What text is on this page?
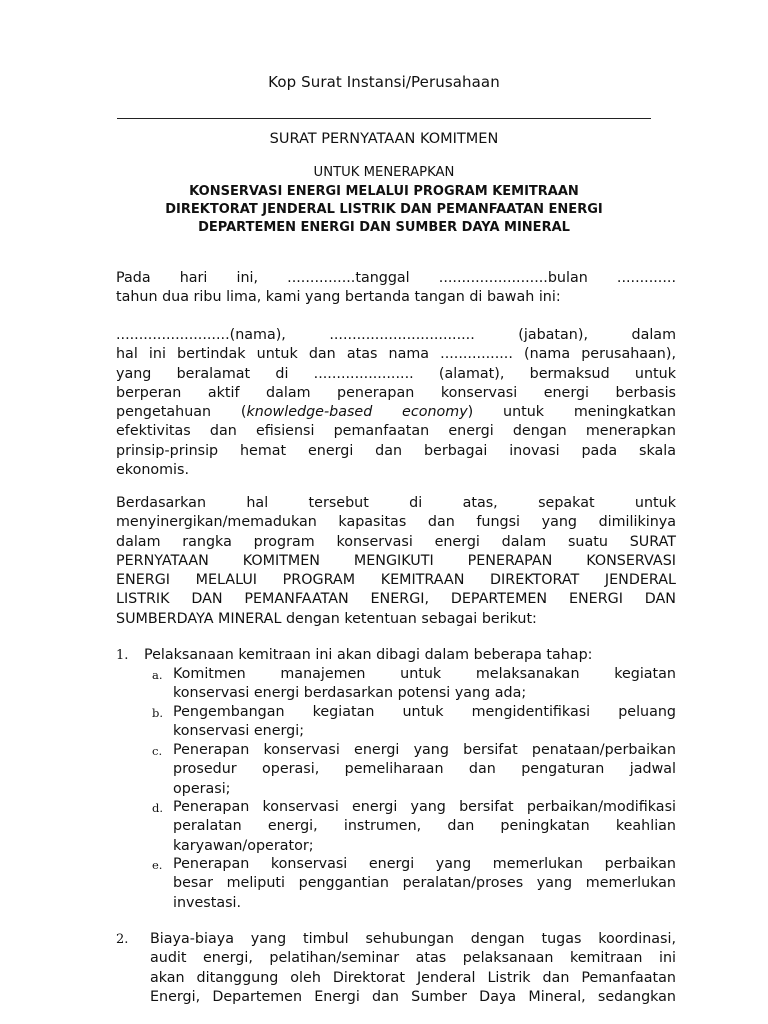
Kop Surat Instansi/Perusahaan
SURAT PERNYATAAN KOMITMEN
UNTUK MENERAPKAN
KONSERVASI ENERGI MELALUI PROGRAM KEMITRAAN
DIREKTORAT JENDERAL LISTRIK DAN PEMANFAATAN ENERGI
DEPARTEMEN ENERGI DAN SUMBER DAYA MINERAL
Pada hari ini, ...............tanggal ........................bulan .............
tahun dua ribu lima, kami yang bertanda tangan di bawah ini:
.........................(nama), ................................ (jabatan), dalam
hal ini bertindak untuk dan atas nama ................ (nama perusahaan),
yang beralamat di ...................... (alamat), bermaksud untuk
berperan aktif dalam penerapan konservasi energi berbasis
pengetahuan (knowledge-based economy) untuk meningkatkan
efektivitas dan efisiensi pemanfaatan energi dengan menerapkan
prinsip-prinsip hemat energi dan berbagai inovasi pada skala
ekonomis.
Berdasarkan hal tersebut di atas, sepakat untuk
menyinergikan/memadukan kapasitas dan fungsi yang dimilikinya
dalam rangka program konservasi energi dalam suatu SURAT
PERNYATAAN KOMITMEN MENGIKUTI PENERAPAN KONSERVASI
ENERGI MELALUI PROGRAM KEMITRAAN DIREKTORAT JENDERAL
LISTRIK DAN PEMANFAATAN ENERGI, DEPARTEMEN ENERGI DAN
SUMBERDAYA MINERAL dengan ketentuan sebagai berikut:
1. Pelaksanaan kemitraan ini akan dibagi dalam beberapa tahap:
a. Komitmen manajemen untuk melaksanakan kegiatan
konservasi energi berdasarkan potensi yang ada;
b. Pengembangan kegiatan untuk mengidentifikasi peluang
konservasi energi;
c. Penerapan konservasi energi yang bersifat penataan/perbaikan
prosedur operasi, pemeliharaan dan pengaturan jadwal
operasi;
d. Penerapan konservasi energi yang bersifat perbaikan/modifikasi
peralatan energi, instrumen, dan peningkatan keahlian
karyawan/operator;
e. Penerapan konservasi energi yang memerlukan perbaikan
besar meliputi penggantian peralatan/proses yang memerlukan
investasi.
2. Biaya-biaya yang timbul sehubungan dengan tugas koordinasi,
audit energi, pelatihan/seminar atas pelaksanaan kemitraan ini
akan ditanggung oleh Direktorat Jenderal Listrik dan Pemanfaatan
Energi, Departemen Energi dan Sumber Daya Mineral, sedangkan
